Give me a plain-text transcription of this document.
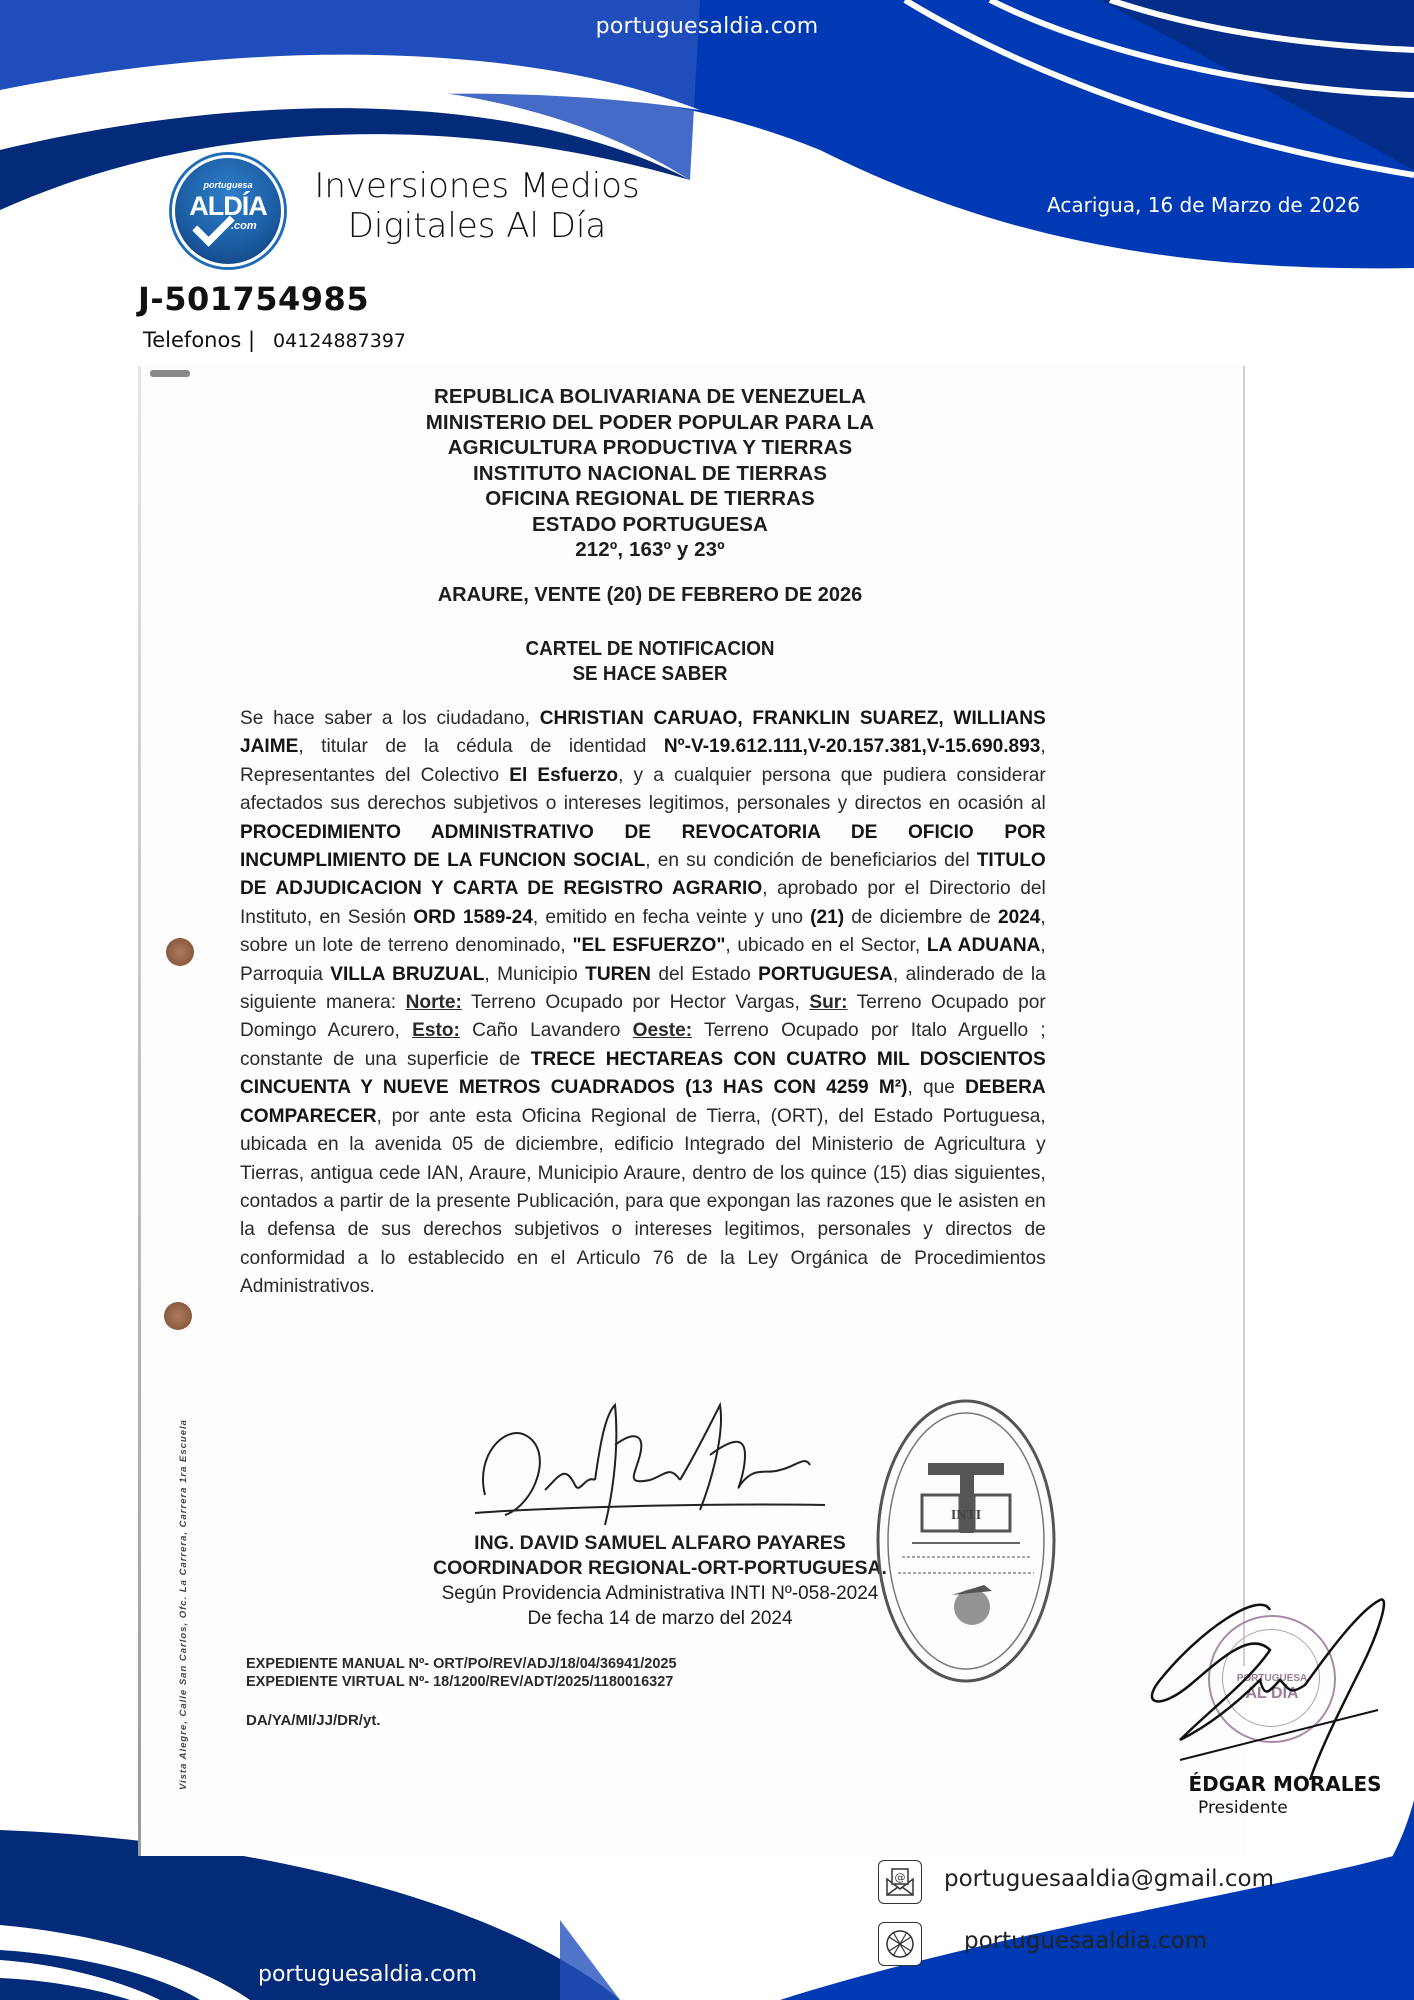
portuguesaldia.com
portuguesa
ALDÍA
.com
Inversiones Medios
Digitales Al Día
Acarigua, 16 de Marzo de 2026
J-501754985
Telefonos | 04124887397
REPUBLICA BOLIVARIANA DE VENEZUELA
MINISTERIO DEL PODER POPULAR PARA LA
AGRICULTURA PRODUCTIVA Y TIERRAS
INSTITUTO NACIONAL DE TIERRAS
OFICINA REGIONAL DE TIERRAS
ESTADO PORTUGUESA
212º, 163º y 23º
ARAURE, VENTE (20) DE FEBRERO DE 2026
CARTEL DE NOTIFICACION
SE HACE SABER
Se hace saber a los ciudadano, CHRISTIAN CARUAO, FRANKLIN SUAREZ, WILLIANS JAIME, titular de la cédula de identidad Nº-V-19.612.111,V-20.157.381,V-15.690.893, Representantes del Colectivo El Esfuerzo, y a cualquier persona que pudiera considerar afectados sus derechos subjetivos o intereses legitimos, personales y directos en ocasión al PROCEDIMIENTO ADMINISTRATIVO DE REVOCATORIA DE OFICIO POR INCUMPLIMIENTO DE LA FUNCION SOCIAL, en su condición de beneficiarios del TITULO DE ADJUDICACION Y CARTA DE REGISTRO AGRARIO, aprobado por el Directorio del Instituto, en Sesión ORD 1589-24, emitido en fecha veinte y uno (21) de diciembre de 2024, sobre un lote de terreno denominado, "EL ESFUERZO", ubicado en el Sector, LA ADUANA, Parroquia VILLA BRUZUAL, Municipio TUREN del Estado PORTUGUESA, alinderado de la siguiente manera: Norte: Terreno Ocupado por Hector Vargas, Sur: Terreno Ocupado por Domingo Acurero, Esto: Caño Lavandero Oeste: Terreno Ocupado por Italo Arguello ; constante de una superficie de TRECE HECTAREAS CON CUATRO MIL DOSCIENTOS CINCUENTA Y NUEVE METROS CUADRADOS (13 HAS CON 4259 M²), que DEBERA COMPARECER, por ante esta Oficina Regional de Tierra, (ORT), del Estado Portuguesa, ubicada en la avenida 05 de diciembre, edificio Integrado del Ministerio de Agricultura y Tierras, antigua cede IAN, Araure, Municipio Araure, dentro de los quince (15) dias siguientes, contados a partir de la presente Publicación, para que expongan las razones que le asisten en la defensa de sus derechos subjetivos o intereses legitimos, personales y directos de conformidad a lo establecido en el Articulo 76 de la Ley Orgánica de Procedimientos Administrativos.
ING. DAVID SAMUEL ALFARO PAYARES
COORDINADOR REGIONAL-ORT-PORTUGUESA.
Según Providencia Administrativa INTI Nº-058-2024
De fecha 14 de marzo del 2024
INTI
EXPEDIENTE MANUAL Nº- ORT/PO/REV/ADJ/18/04/36941/2025
EXPEDIENTE VIRTUAL Nº- 18/1200/REV/ADT/2025/1180016327
DA/YA/MI/JJ/DR/yt.
Vista Alegre, Calle San Carlos, Ofc. La Carrera, Carrera 1ra Escuela	PORTUGUESA
AL DÍA
ÉDGAR MORALES
Presidente
@ portuguesaaldia@gmail.com
portuguesaaldia.com
portuguesaldia.com
